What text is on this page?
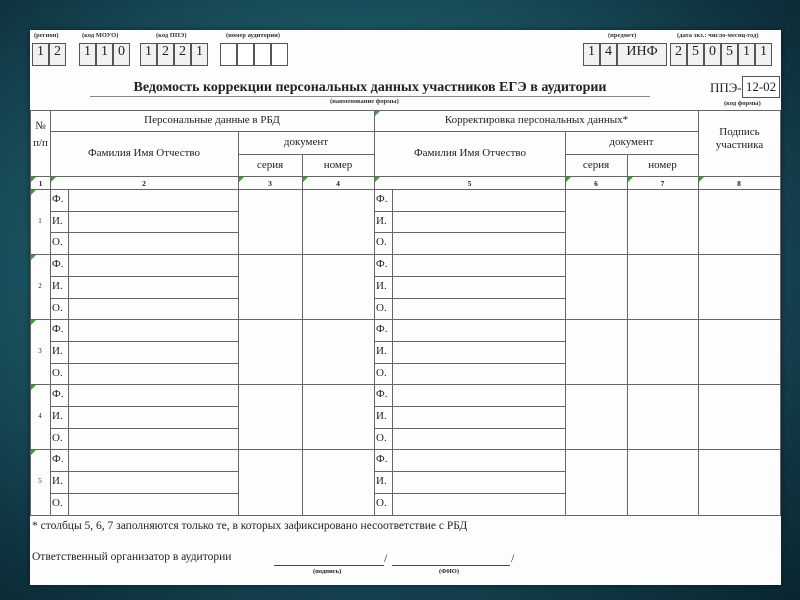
(регион)	(код МОУО)	(код ППЭ)	(номер аудитории)	(предмет)	(дата экз.: число-месяц-год)
1 2	1 1 0	1 2 2 1	1 4	ИНФ	2 5 0 5 1 1
Ведомость коррекции персональных данных участников ЕГЭ в аудитории
(наименование формы)
ППЭ- 12-02
(код формы)
№ п/п
Персональные данные в РБД	Корректировка персональных данных*
Подпись участника
Фамилия Имя Отчество	Фамилия Имя Отчество
документ	документ
серия	номер	серия	номер
1	2	3	4	5	6	7	8
1
Ф.	Ф.
И.	И.
О.	О.
2
Ф.	Ф.
И.	И.
О.	О.
3
Ф.	Ф.
И.	И.
О.	О.
4
Ф.	Ф.
И.	И.
О.	О.
5
Ф.	Ф.
И.	И.
О.	О.
* столбцы 5, 6, 7 заполняются только те, в которых зафиксировано несоответствие с РБД
Ответственный организатор в аудитории	/	/
(подпись)	(ФИО)
